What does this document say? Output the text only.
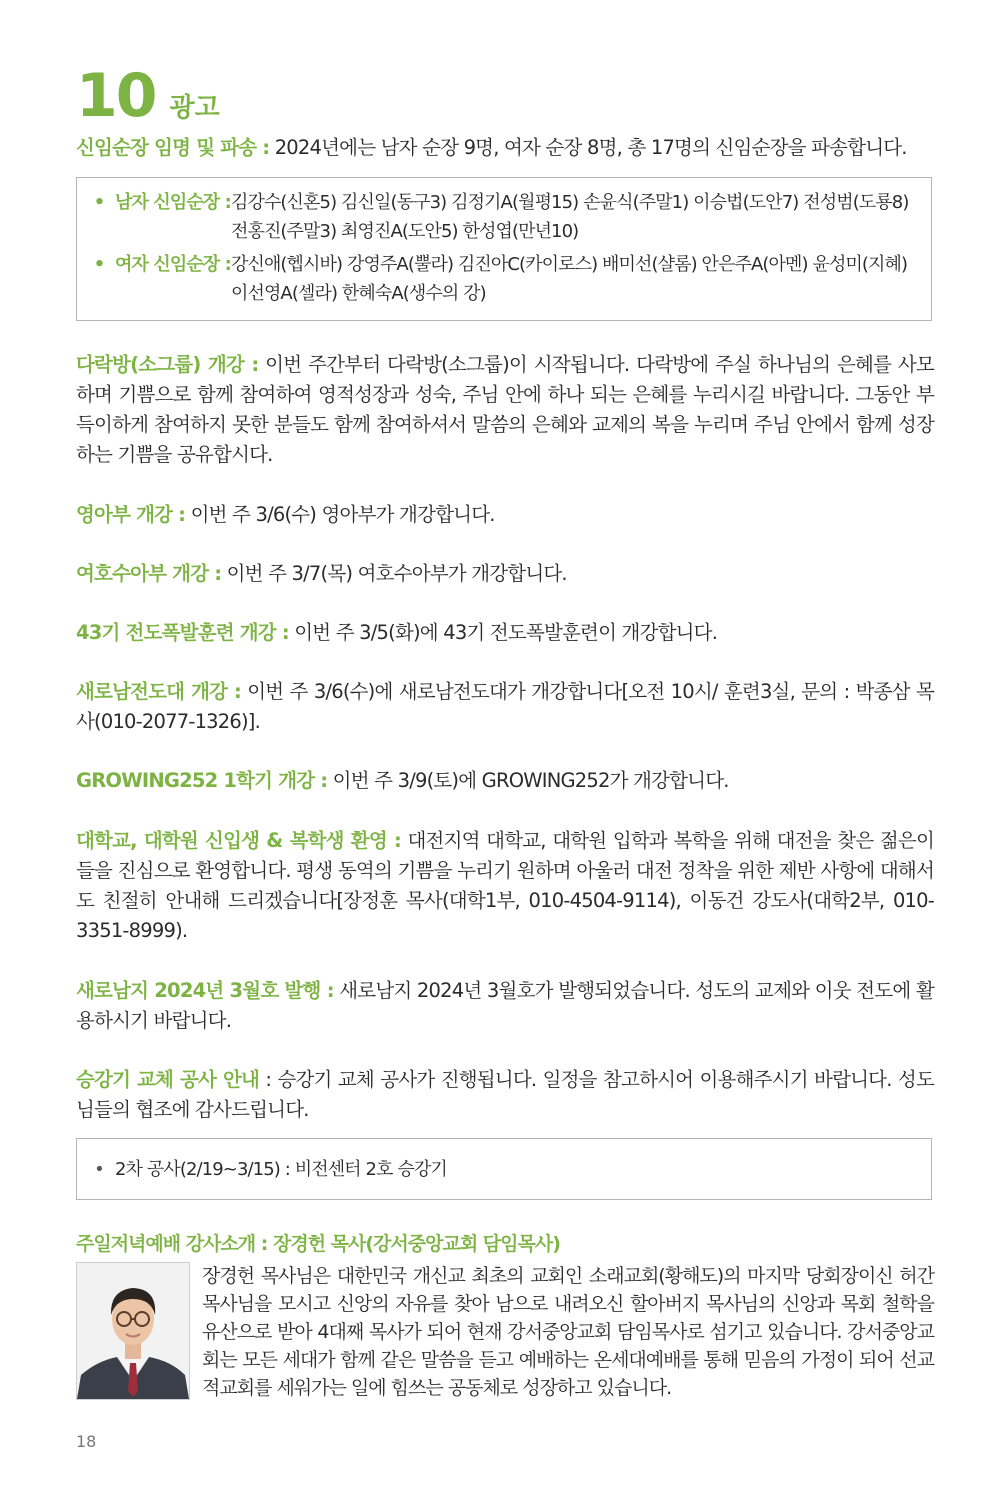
10 광고
신임순장 임명 및 파송 : 2024년에는 남자 순장 9명, 여자 순장 8명, 총 17명의 신임순장을 파송합니다.
• 남자 신임순장 : 김강수(신혼5) 김신일(동구3) 김정기A(월평15) 손윤식(주말1) 이승법(도안7) 전성범(도룡8) 전홍진(주말3) 최영진A(도안5) 한성엽(만년10)
• 여자 신임순장 : 강신애(헵시바) 강영주A(뿔라) 김진아C(카이로스) 배미선(샬롬) 안은주A(아멘) 윤성미(지혜) 이선영A(셀라) 한혜숙A(생수의 강)
다락방(소그룹) 개강 : 이번 주간부터 다락방(소그룹)이 시작됩니다. 다락방에 주실 하나님의 은혜를 사모하며 기쁨으로 함께 참여하여 영적성장과 성숙, 주님 안에 하나 되는 은혜를 누리시길 바랍니다. 그동안 부득이하게 참여하지 못한 분들도 함께 참여하셔서 말씀의 은혜와 교제의 복을 누리며 주님 안에서 함께 성장하는 기쁨을 공유합시다.
영아부 개강 : 이번 주 3/6(수) 영아부가 개강합니다.
여호수아부 개강 : 이번 주 3/7(목) 여호수아부가 개강합니다.
43기 전도폭발훈련 개강 : 이번 주 3/5(화)에 43기 전도폭발훈련이 개강합니다.
새로남전도대 개강 : 이번 주 3/6(수)에 새로남전도대가 개강합니다[오전 10시/ 훈련3실, 문의 : 박종삼 목사(010-2077-1326)].
GROWING252 1학기 개강 : 이번 주 3/9(토)에 GROWING252가 개강합니다.
대학교, 대학원 신입생 & 복학생 환영 : 대전지역 대학교, 대학원 입학과 복학을 위해 대전을 찾은 젊은이들을 진심으로 환영합니다. 평생 동역의 기쁨을 누리기 원하며 아울러 대전 정착을 위한 제반 사항에 대해서도 친절히 안내해 드리겠습니다[장정훈 목사(대학1부, 010-4504-9114), 이동건 강도사(대학2부, 010-3351-8999).
새로남지 2024년 3월호 발행 : 새로남지 2024년 3월호가 발행되었습니다. 성도의 교제와 이웃 전도에 활용하시기 바랍니다.
승강기 교체 공사 안내 : 승강기 교체 공사가 진행됩니다. 일정을 참고하시어 이용해주시기 바랍니다. 성도님들의 협조에 감사드립니다.
• 2차 공사(2/19~3/15) : 비전센터 2호 승강기
주일저녁예배 강사소개 : 장경헌 목사(강서중앙교회 담임목사)
장경헌 목사님은 대한민국 개신교 최초의 교회인 소래교회(황해도)의 마지막 당회장이신 허간목사님을 모시고 신앙의 자유를 찾아 남으로 내려오신 할아버지 목사님의 신앙과 목회 철학을 유산으로 받아 4대째 목사가 되어 현재 강서중앙교회 담임목사로 섬기고 있습니다. 강서중앙교회는 모든 세대가 함께 같은 말씀을 듣고 예배하는 온세대예배를 통해 믿음의 가정이 되어 선교적교회를 세워가는 일에 힘쓰는 공동체로 성장하고 있습니다.
18
